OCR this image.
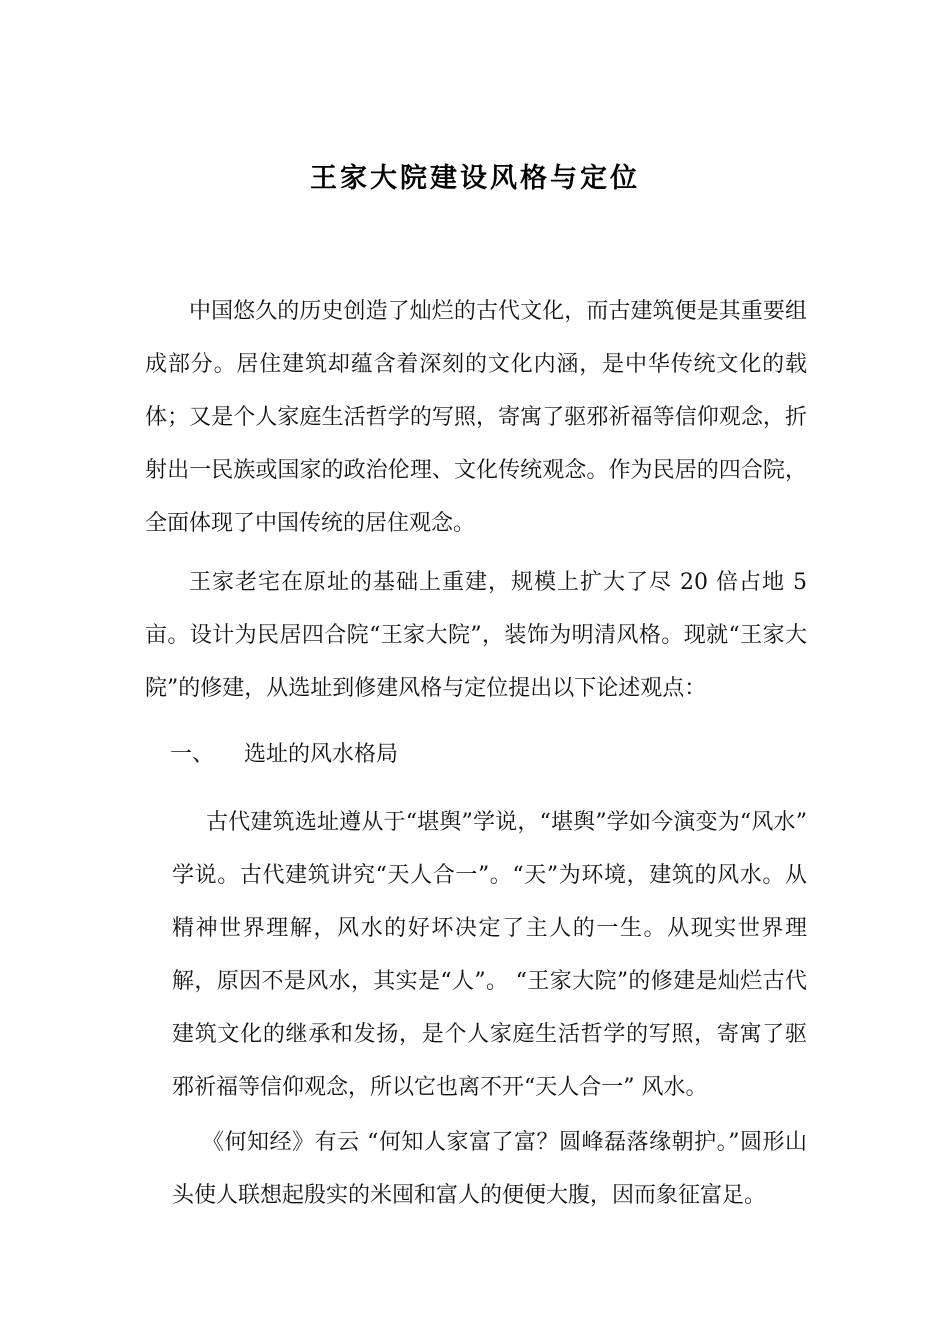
王家大院建设风格与定位

中国悠久的历史创造了灿烂的古代文化，而古建筑便是其重要组成部分。居住建筑却蕴含着深刻的文化内涵，是中华传统文化的载体；又是个人家庭生活哲学的写照，寄寓了驱邪祈福等信仰观念，折射出一民族或国家的政治伦理、文化传统观念。作为民居的四合院，全面体现了中国传统的居住观念。

王家老宅在原址的基础上重建，规模上扩大了尽 20 倍占地 5 亩。设计为民居四合院“王家大院”，装饰为明清风格。现就“王家大院”的修建，从选址到修建风格与定位提出以下论述观点：

一、 选址的风水格局

古代建筑选址遵从于“堪舆”学说，“堪舆”学如今演变为“风水” 学说。古代建筑讲究“天人合一”。“天”为环境，建筑的风水。从精神世界理解，风水的好坏决定了主人的一生。从现实世界理解，原因不是风水，其实是“人”。 “王家大院”的修建是灿烂古代建筑文化的继承和发扬，是个人家庭生活哲学的写照，寄寓了驱邪祈福等信仰观念，所以它也离不开“天人合一” 风水。

《何知经》有云 “何知人家富了富？圆峰磊落缘朝护。”圆形山头使人联想起殷实的米囤和富人的便便大腹，因而象征富足。
